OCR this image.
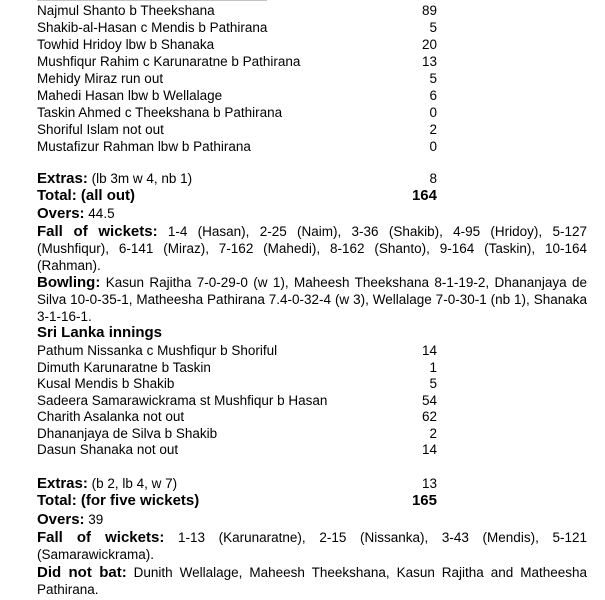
Najmul Shanto b Theekshana	89
Shakib-al-Hasan c Mendis b Pathirana	5
Towhid Hridoy lbw b Shanaka	20
Mushfiqur Rahim c Karunaratne b Pathirana	13
Mehidy Miraz run out	5
Mahedi Hasan lbw b Wellalage	6
Taskin Ahmed c Theekshana b Pathirana	0
Shoriful Islam not out	2
Mustafizur Rahman lbw b Pathirana	0
Extras: (lb 3m w 4, nb 1)	8
Total: (all out)	164
Overs: 44.5
Fall of wickets: 1-4 (Hasan), 2-25 (Naim), 3-36 (Shakib), 4-95 (Hridoy), 5-127 (Mushfiqur), 6-141 (Miraz), 7-162 (Mahedi), 8-162 (Shanto), 9-164 (Taskin), 10-164 (Rahman).
Bowling: Kasun Rajitha 7-0-29-0 (w 1), Maheesh Theekshana 8-1-19-2, Dhananjaya de Silva 10-0-35-1, Matheesha Pathirana 7.4-0-32-4 (w 3), Wellalage 7-0-30-1 (nb 1), Shanaka 3-1-16-1.
Sri Lanka innings
Pathum Nissanka c Mushfiqur b Shoriful	14
Dimuth Karunaratne b Taskin	1
Kusal Mendis b Shakib	5
Sadeera Samarawickrama st Mushfiqur b Hasan	54
Charith Asalanka not out	62
Dhananjaya de Silva b Shakib	2
Dasun Shanaka not out	14
Extras: (b 2, lb 4, w 7)	13
Total: (for five wickets)	165
Overs: 39
Fall of wickets: 1-13 (Karunaratne), 2-15 (Nissanka), 3-43 (Mendis), 5-121 (Samarawickrama).
Did not bat: Dunith Wellalage, Maheesh Theekshana, Kasun Rajitha and Matheesha Pathirana.
